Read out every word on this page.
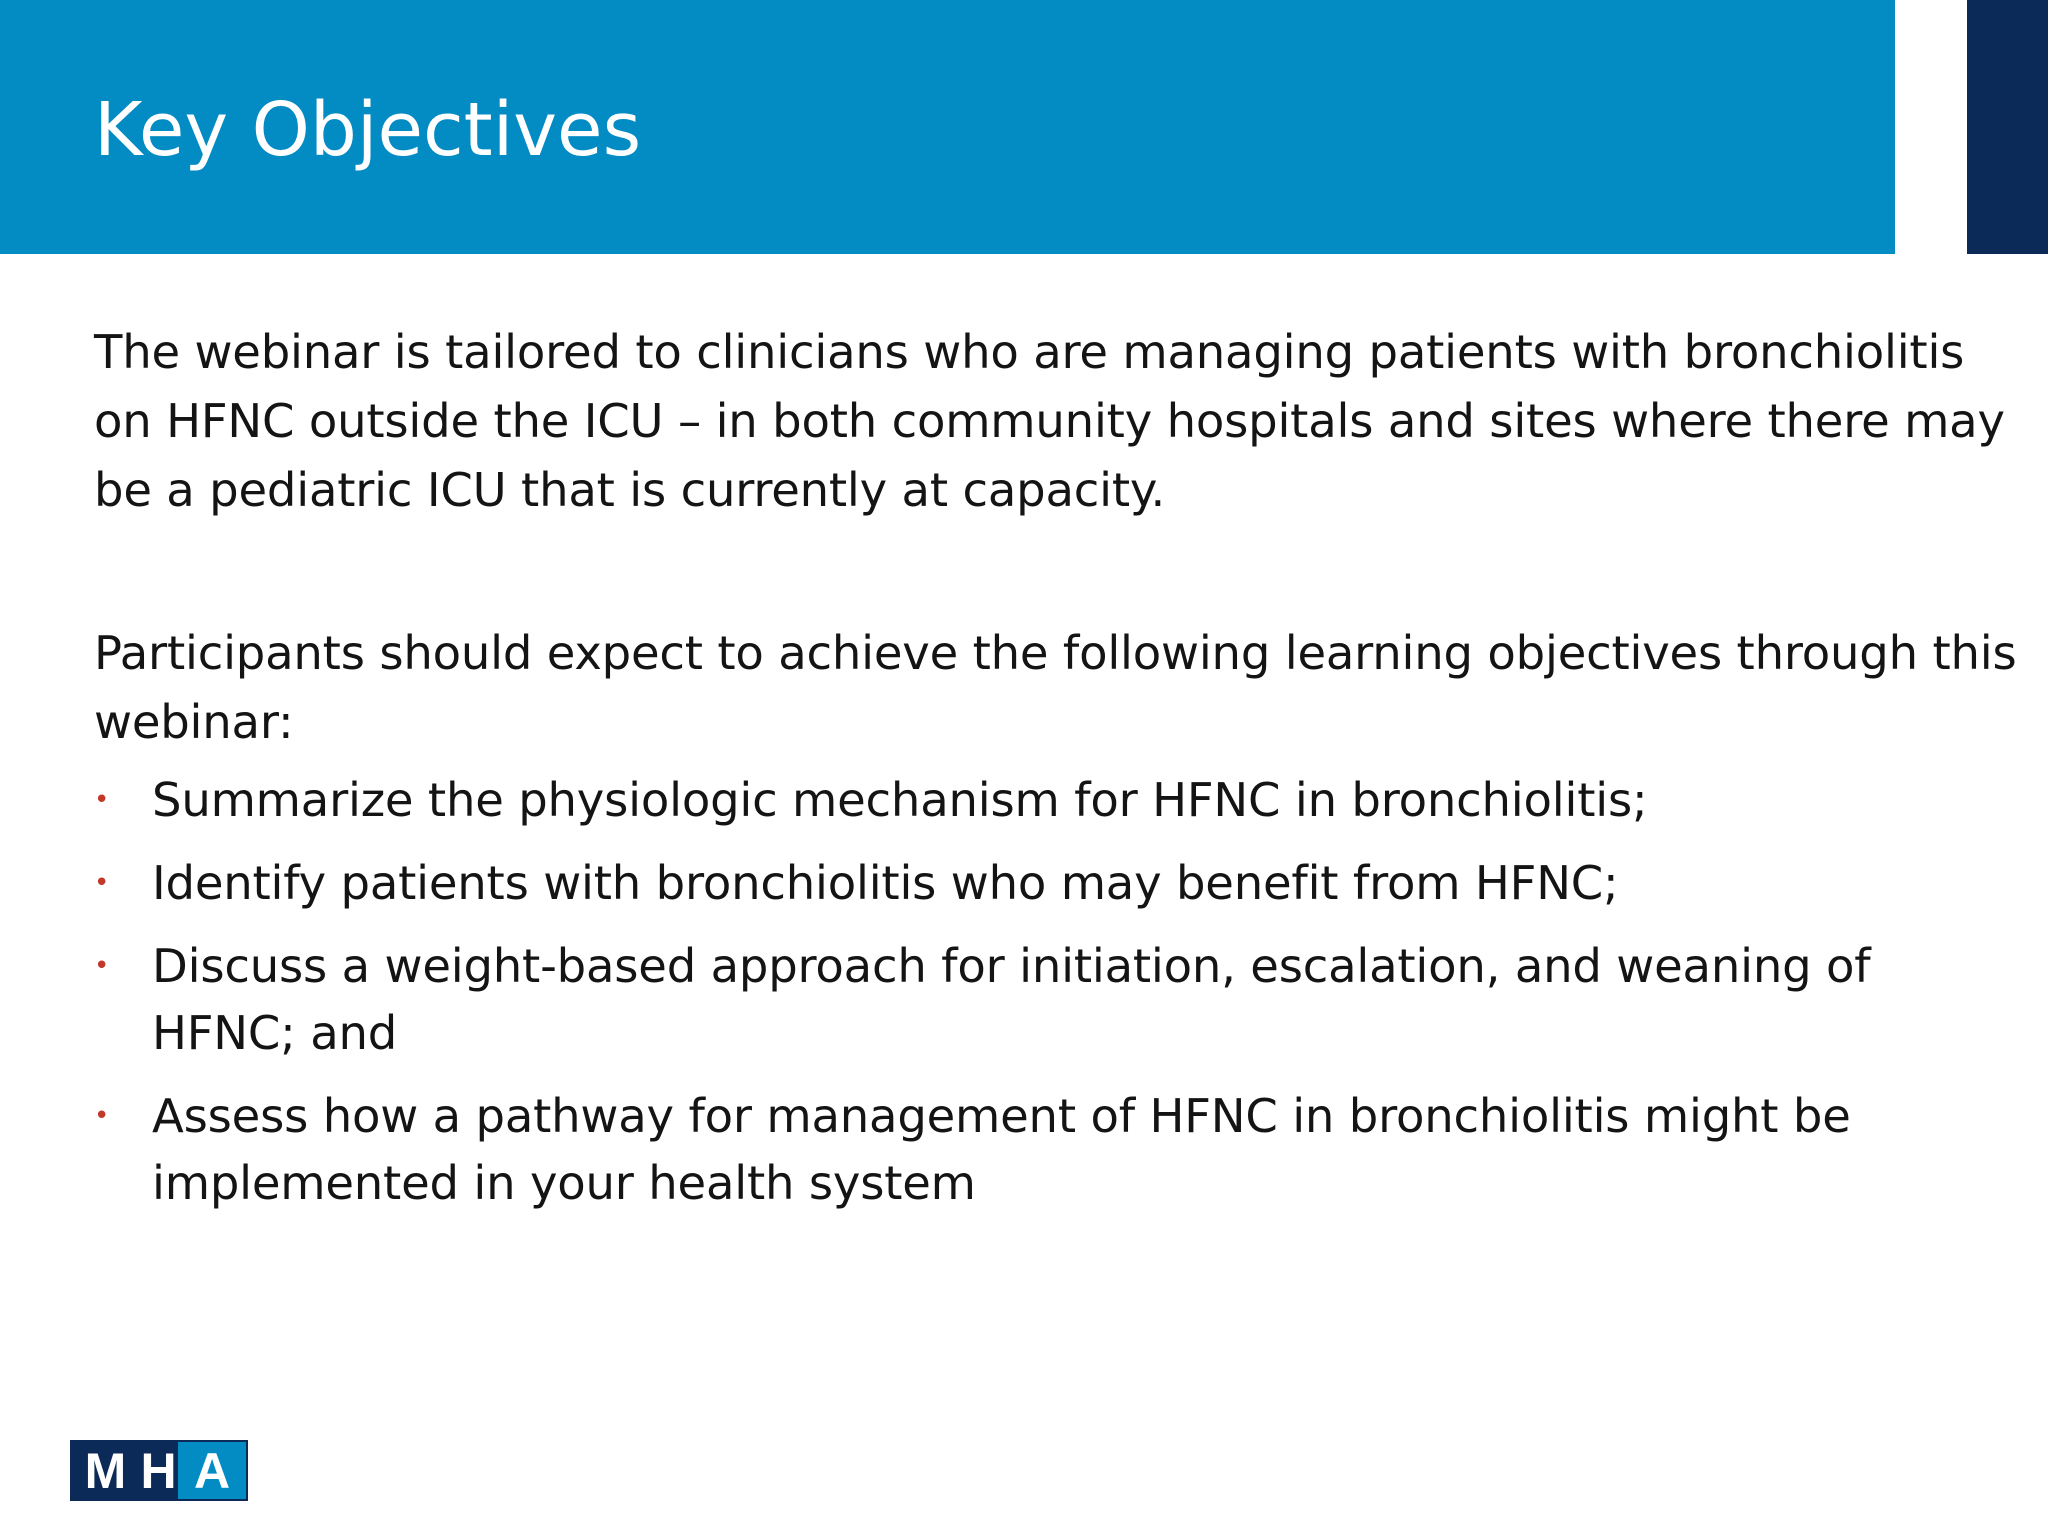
Key Objectives

The webinar is tailored to clinicians who are managing patients with bronchiolitis on HFNC outside the ICU – in both community hospitals and sites where there may be a pediatric ICU that is currently at capacity.

Participants should expect to achieve the following learning objectives through this webinar:

• Summarize the physiologic mechanism for HFNC in bronchiolitis;
• Identify patients with bronchiolitis who may benefit from HFNC;
• Discuss a weight-based approach for initiation, escalation, and weaning of HFNC; and
• Assess how a pathway for management of HFNC in bronchiolitis might be implemented in your health system
M H A
